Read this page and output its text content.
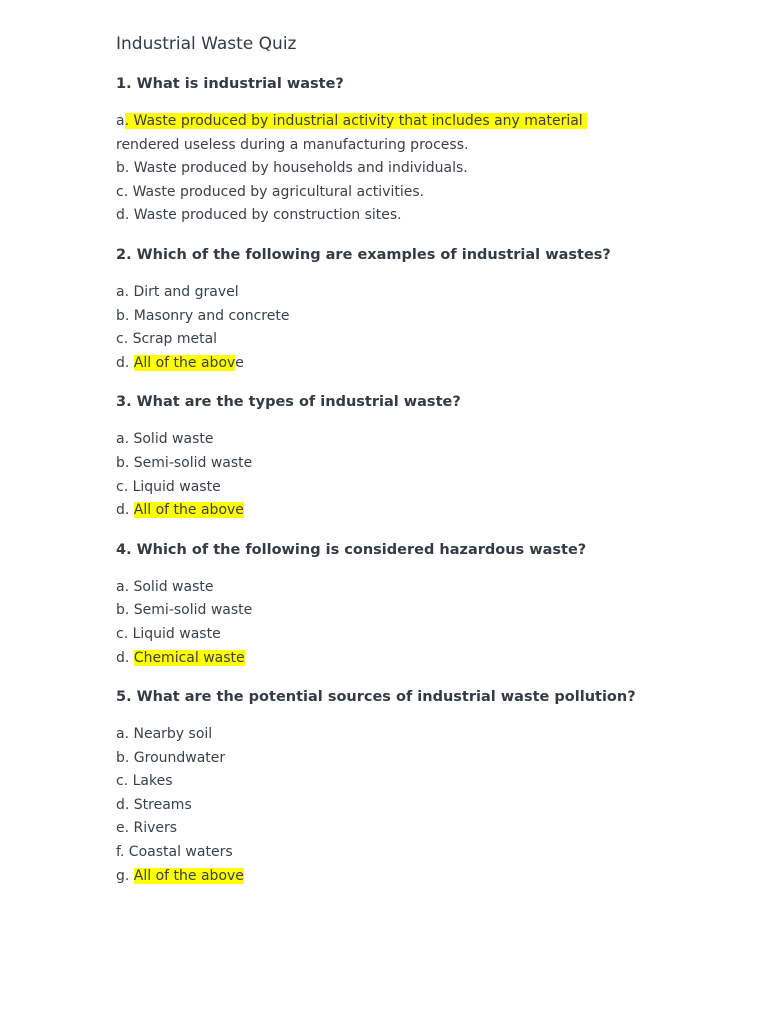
Industrial Waste Quiz
1. What is industrial waste?
a. Waste produced by industrial activity that includes any material
rendered useless during a manufacturing process.
b. Waste produced by households and individuals.
c. Waste produced by agricultural activities.
d. Waste produced by construction sites.
2. Which of the following are examples of industrial wastes?
a. Dirt and gravel
b. Masonry and concrete
c. Scrap metal
d. All of the above
3. What are the types of industrial waste?
a. Solid waste
b. Semi-solid waste
c. Liquid waste
d. All of the above
4. Which of the following is considered hazardous waste?
a. Solid waste
b. Semi-solid waste
c. Liquid waste
d. Chemical waste
5. What are the potential sources of industrial waste pollution?
a. Nearby soil
b. Groundwater
c. Lakes
d. Streams
e. Rivers
f. Coastal waters
g. All of the above
